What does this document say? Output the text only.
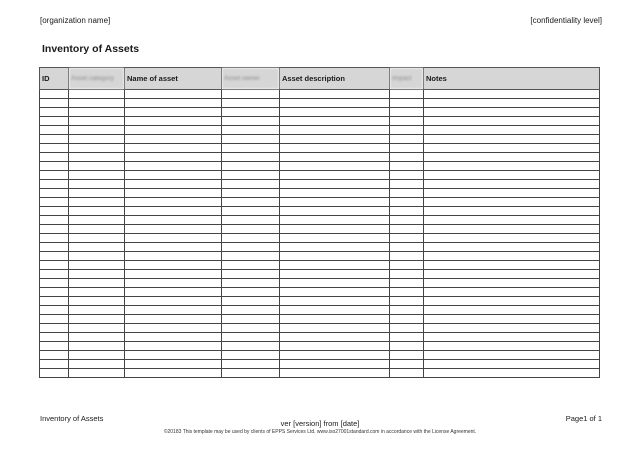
[organization name]	[confidentiality level]
Inventory of Assets
ID	Asset category	Name of asset	Asset owner	Asset description	Impact	Notes

Inventory of Assets
ver [version] from [date]
Page1 of 1
©20183 This template may be used by clients of EPPS Services Ltd. www.iso27001standard.com in accordance with the License Agreement.
